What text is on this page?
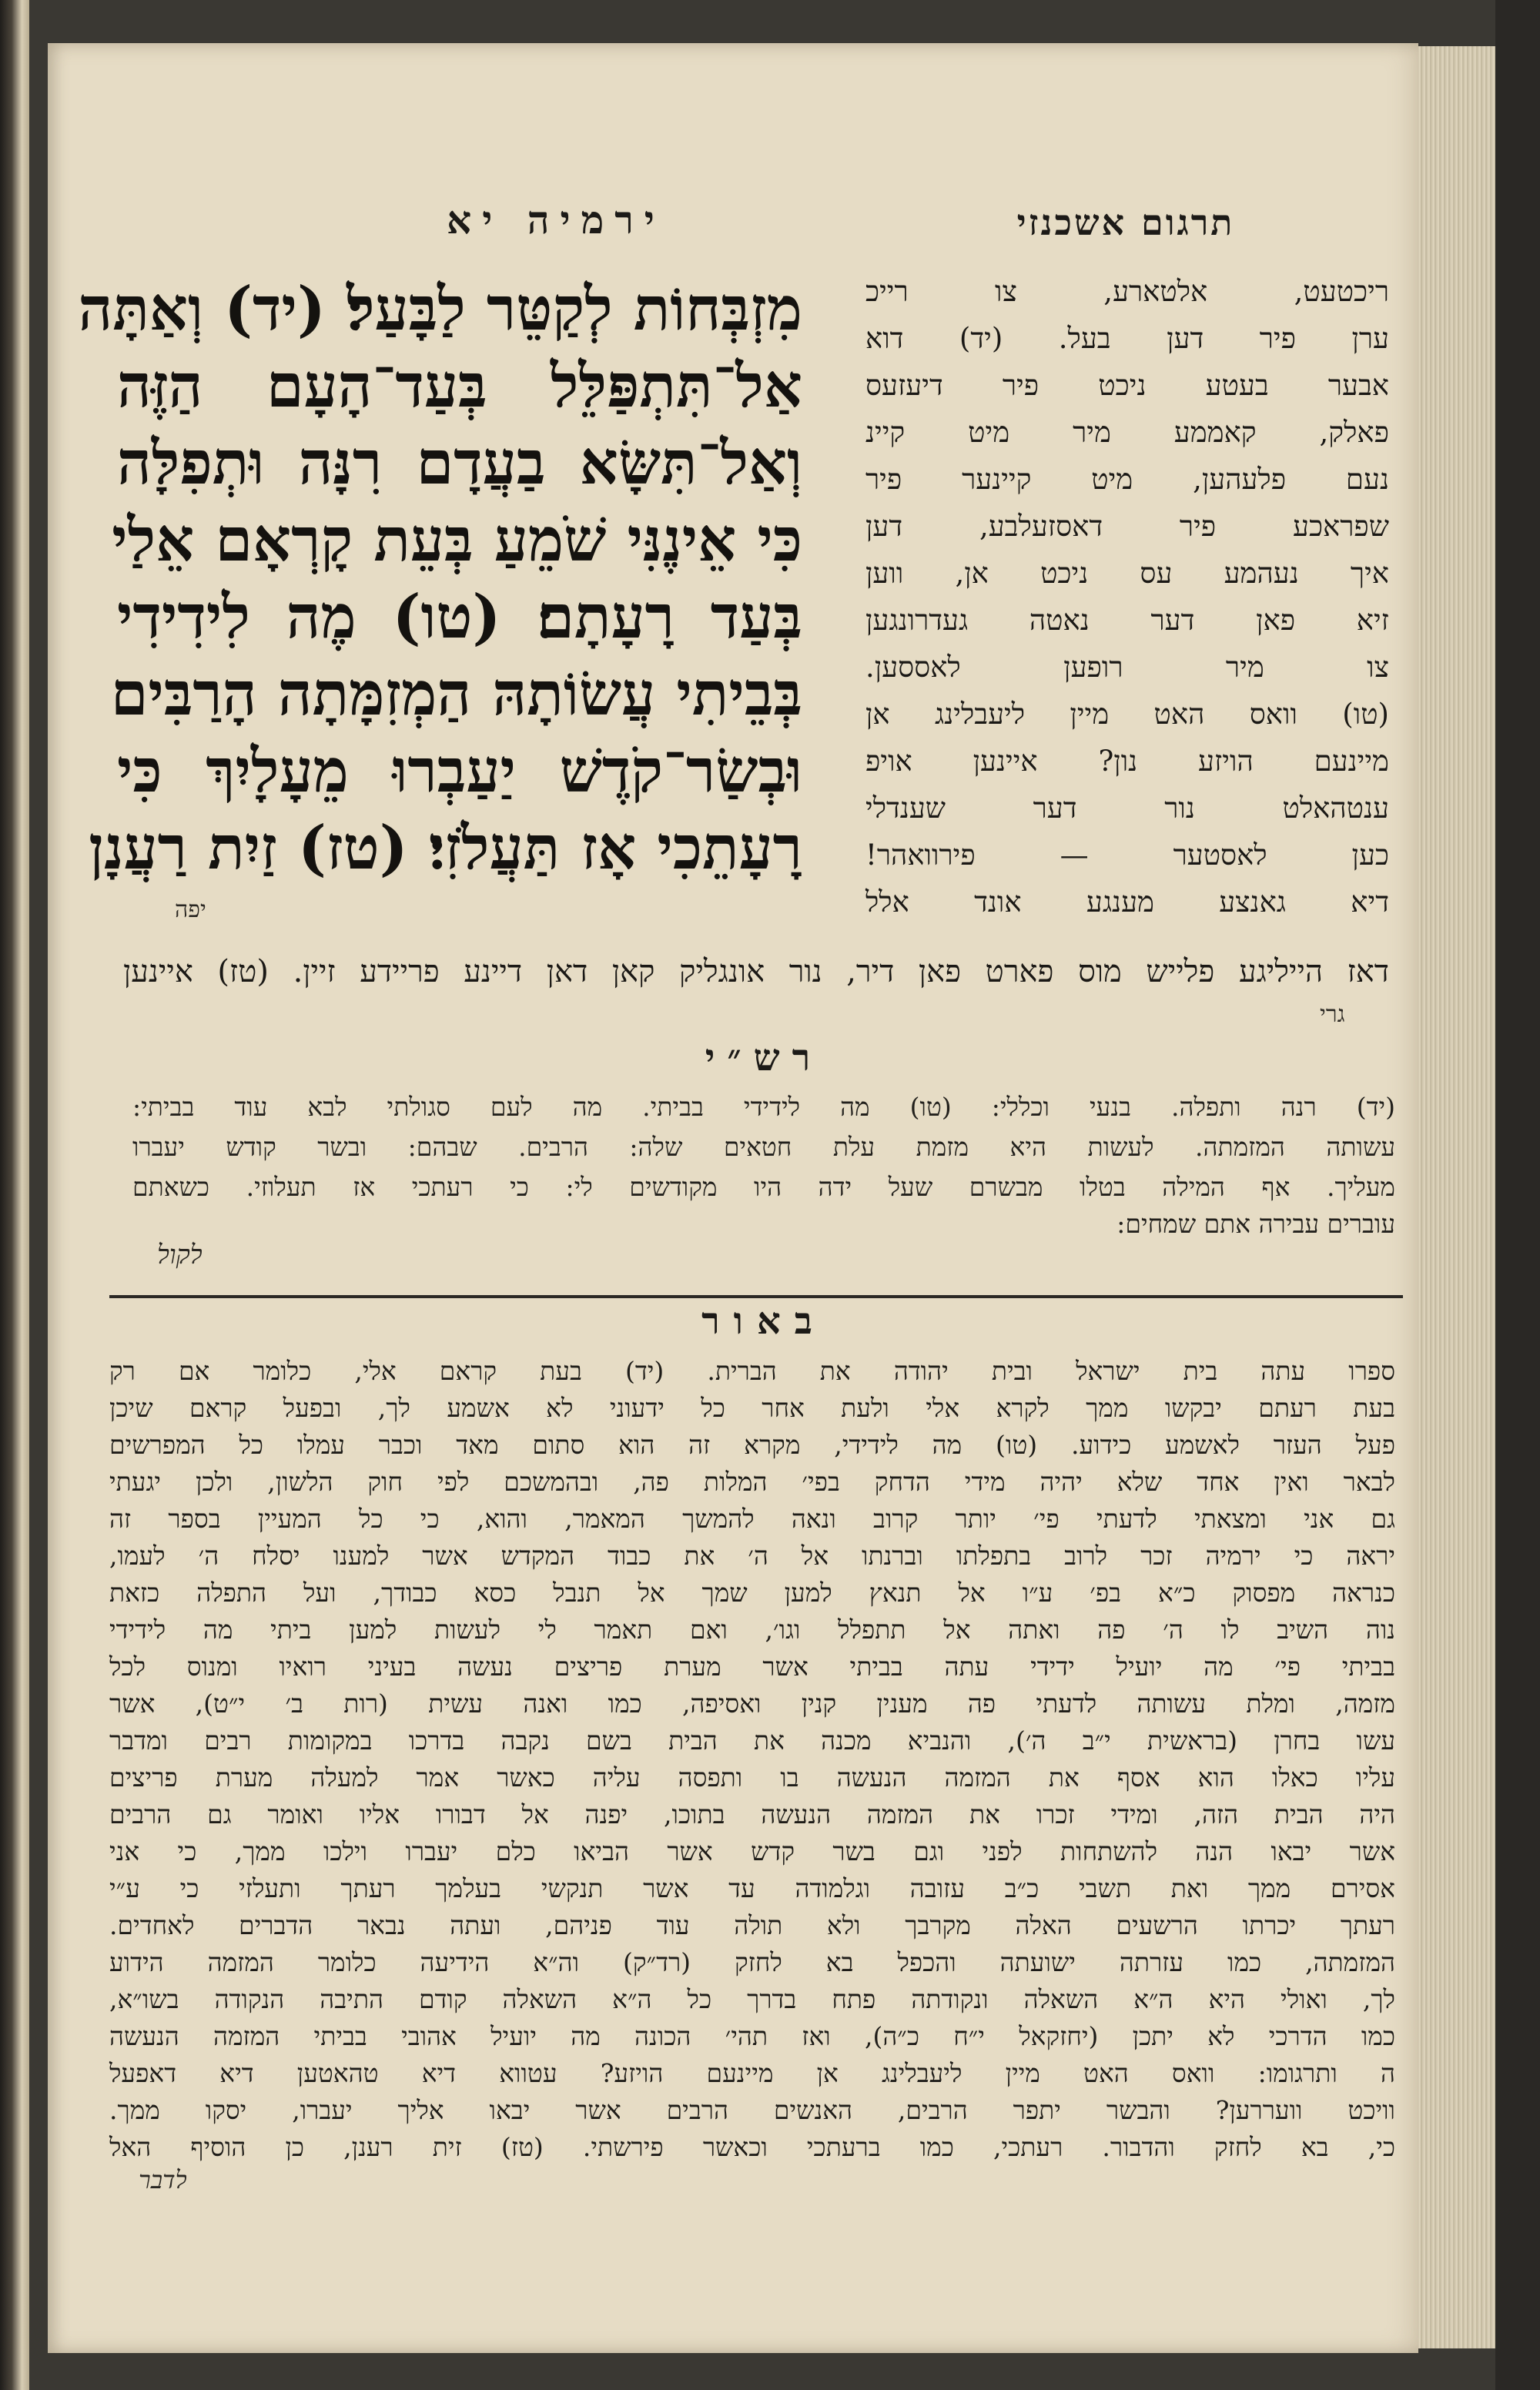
ירמיה יא	תרגום אשכנזי
מִזְבְּחוֹת לְקַטֵּר לַבָּעַל׃ (יד) וְאַתָּה
אַל־תִּתְפַּלֵּל בְּעַד־הָעָם הַזֶּה
וְאַל־תִּשָּׂא בַעֲדָם רִנָּה וּתְפִלָּה
כִּי אֵינֶנִּי שֹׁמֵעַ בְּעֵת קָרְאָם אֵלַי
בְּעַד רָעָתָם׃ (טו) מֶה לִידִידִי
בְּבֵיתִי עֲשׂוֹתָהּ הַמְזִמָּתָה הָרַבִּים
וּבְשַׂר־קֹדֶשׁ יַעַבְרוּ מֵעָלָיִךְ כִּי
רָעָתֵכִי אָז תַּעֲלֹזִי׃ (טז) זַיִת רַעֲנָן
יפה
ריכטעט, אלטארע, צו רייכ
ערן פיר דען בעל. (יד) דוא
אבער בעטע ניכט פיר דיעזעס
פאלק, קאממע מיר מיט קיינ
נעם פלעהען, מיט קיינער פיר
שפראכע פיר דאסזעלבע, דען
איך נעהמע עס ניכט אן, ווען
זיא פאן דער נאטה געדרונגען
צו מיר רופען לאססען.
(טו) וואס האט מיין ליעבלינג אן
מיינעם הויזע נון? איינען אויפ
ענטהאלט נור דער שענדלי
כען לאסטער — פירוואהר!
דיא גאנצע מענגע אונד אלל
דאז הייליגע פלייש מוס פארט פאן דיר, נור אונגליק קאן דאן דיינע פריידע זיין. (טז) איינען
גרי
רש״י
(יד) רנה ותפלה. בנעי וכללי: (טו) מה לידידי בביתי. מה לעם סגולתי לבא עוד בביתי:
עשותה המזמתה. לעשות היא מזמת עלת חטאים שלה: הרבים. שבהם: ובשר קודש יעברו
מעליך. אף המילה בטלו מבשרם שעל ידה היו מקודשים לי: כי רעתכי אז תעלוזי. כשאתם
עוברים עבירה אתם שמחים:
לקול
באור
ספרו עתה בית ישראל ובית יהודה את הברית. (יד) בעת קראם אלי, כלומר אם רק
בעת רעתם יבקשו ממך לקרא אלי ולעת אחר כל ידעוני לא אשמע לך, ובפעל קראם שיכן
פעל העזר לאשמע כידוע. (טו) מה לידידי, מקרא זה הוא סתום מאד וכבר עמלו כל המפרשים
לבאר ואין אחד שלא יהיה מידי הדחק בפי׳ המלות פה, ובהמשכם לפי חוק הלשון, ולכן יגעתי
גם אני ומצאתי לדעתי פי׳ יותר קרוב ונאה להמשך המאמר, והוא, כי כל המעיין בספר זה
יראה כי ירמיה זכר לרוב בתפלתו וברנתו אל ה׳ את כבוד המקדש אשר למענו יסלח ה׳ לעמו,
כנראה מפסוק כ״א בפ׳ ע״ו אל תנאץ למען שמך אל תנבל כסא כבודך, ועל התפלה כזאת
נוה השיב לו ה׳ פה ואתה אל תתפלל וגו׳, ואם תאמר לי לעשות למען ביתי מה לידידי
בביתי פי׳ מה יועיל ידידי עתה בביתי אשר מערת פריצים נעשה בעיני רואיו ומנוס לכל
מזמה, ומלת עשותה לדעתי פה מענין קנין ואסיפה, כמו ואנה עשית (רות ב׳ י״ט), אשר
עשו בחרן (בראשית י״ב ה׳), והנביא מכנה את הבית בשם נקבה בדרכו במקומות רבים ומדבר
עליו כאלו הוא אסף את המזמה הנעשה בו ותפסה עליה כאשר אמר למעלה מערת פריצים
היה הבית הזה, ומידי זכרו את המזמה הנעשה בתוכו, יפנה אל דבורו אליו ואומר גם הרבים
אשר יבאו הנה להשתחות לפני וגם בשר קדש אשר הביאו כלם יעברו וילכו ממך, כי אני
אסירם ממך ואת תשבי כ״ב עזובה וגלמודה עד אשר תנקשי בעלמך רעתך ותעלזי כי ע״י
רעתך יכרתו הרשעים האלה מקרבך ולא תולה עוד פניהם, ועתה נבאר הדברים לאחדים.
המזמתה, כמו עזרתה ישועתה והכפל בא לחזק (רד״ק) וה״א הידיעה כלומר המזמה הידוע
לך, ואולי היא ה״א השאלה ונקודתה פתח בדרך כל ה״א השאלה קודם התיבה הנקודה בשו״א,
כמו הדרכי לא יתכן (יחזקאל י״ח כ״ה), ואז תהי׳ הכונה מה יועיל אהובי בביתי המזמה הנעשה
ה ותרגומו: וואס האט מיין ליעבלינג אן מיינעם הויזע? עטווא דיא טהאטען דיא דאפעל
וויכט וועררען? והבשר יתפר הרבים, האנשים הרבים אשר יבאו אליך יעברו, יסקו ממך.
כי, בא לחזק והדבור. רעתכי, כמו ברעתכי וכאשר פירשתי. (טז) זית רענן, כן הוסיף האל
לדבר
